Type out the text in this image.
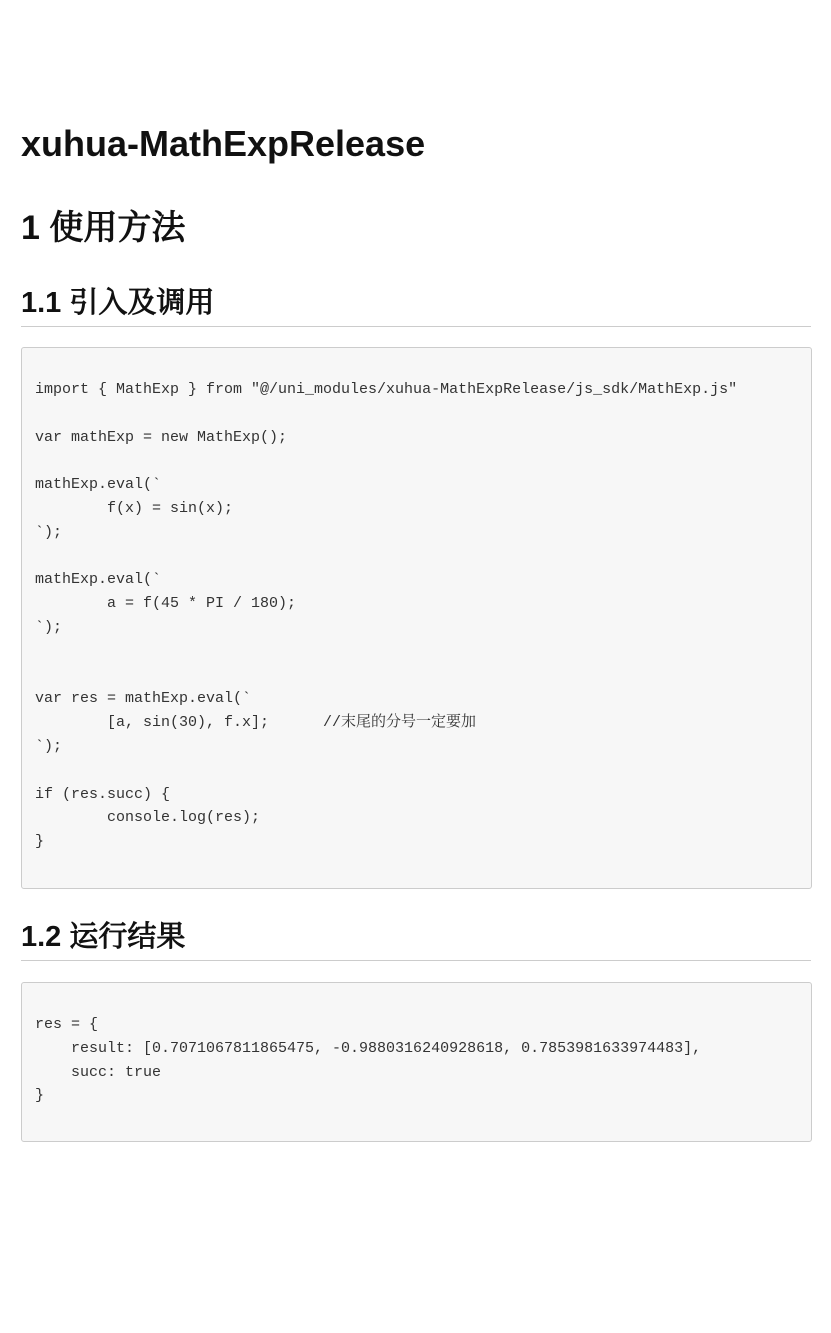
xuhua-MathExpRelease
1 使用方法
1.1 引入及调用
import { MathExp } from "@/uni_modules/xuhua-MathExpRelease/js_sdk/MathExp.js"

var mathExp = new MathExp();

mathExp.eval(`
f(x) = sin(x);
`);

mathExp.eval(`
a = f(45 * PI / 180);
`);

var res = mathExp.eval(`
[a, sin(30), f.x];      //末尾的分号一定要加
`);

if (res.succ) {
console.log(res);
}
1.2 运行结果
res = {
result: [0.7071067811865475, -0.9880316240928618, 0.7853981633974483],
succ: true
}
